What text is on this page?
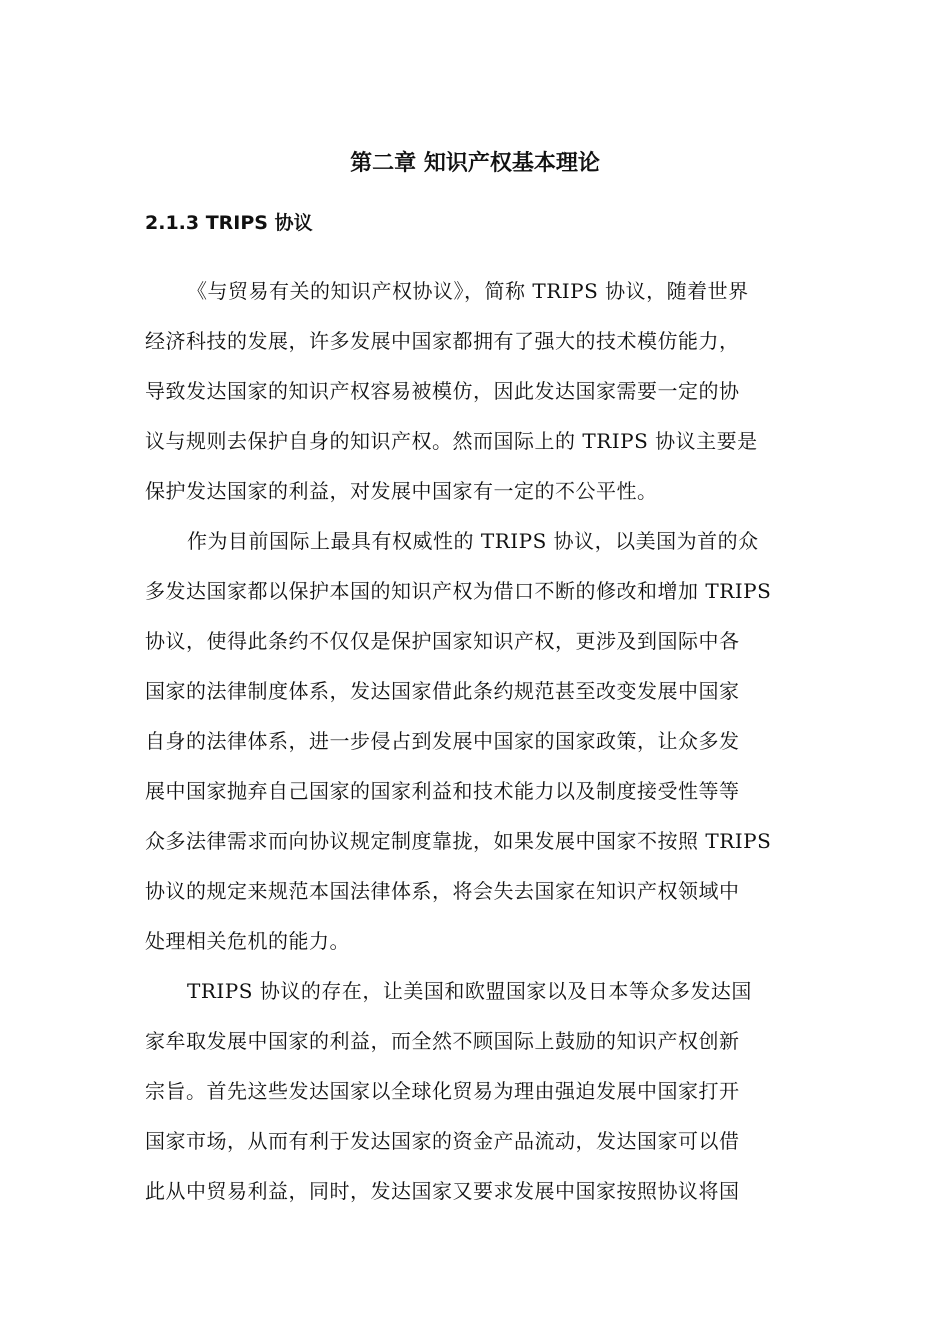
第二章 知识产权基本理论
2.1.3 TRIPS 协议

《与贸易有关的知识产权协议》，简称 TRIPS 协议，随着世界
经济科技的发展，许多发展中国家都拥有了强大的技术模仿能力，
导致发达国家的知识产权容易被模仿，因此发达国家需要一定的协
议与规则去保护自身的知识产权。然而国际上的 TRIPS 协议主要是
保护发达国家的利益，对发展中国家有一定的不公平性。

作为目前国际上最具有权威性的 TRIPS 协议，以美国为首的众
多发达国家都以保护本国的知识产权为借口不断的修改和增加 TRIPS
协议，使得此条约不仅仅是保护国家知识产权，更涉及到国际中各
国家的法律制度体系，发达国家借此条约规范甚至改变发展中国家
自身的法律体系，进一步侵占到发展中国家的国家政策，让众多发
展中国家抛弃自己国家的国家利益和技术能力以及制度接受性等等
众多法律需求而向协议规定制度靠拢，如果发展中国家不按照 TRIPS
协议的规定来规范本国法律体系，将会失去国家在知识产权领域中
处理相关危机的能力。

TRIPS 协议的存在，让美国和欧盟国家以及日本等众多发达国
家牟取发展中国家的利益，而全然不顾国际上鼓励的知识产权创新
宗旨。首先这些发达国家以全球化贸易为理由强迫发展中国家打开
国家市场，从而有利于发达国家的资金产品流动，发达国家可以借
此从中贸易利益，同时，发达国家又要求发展中国家按照协议将国
